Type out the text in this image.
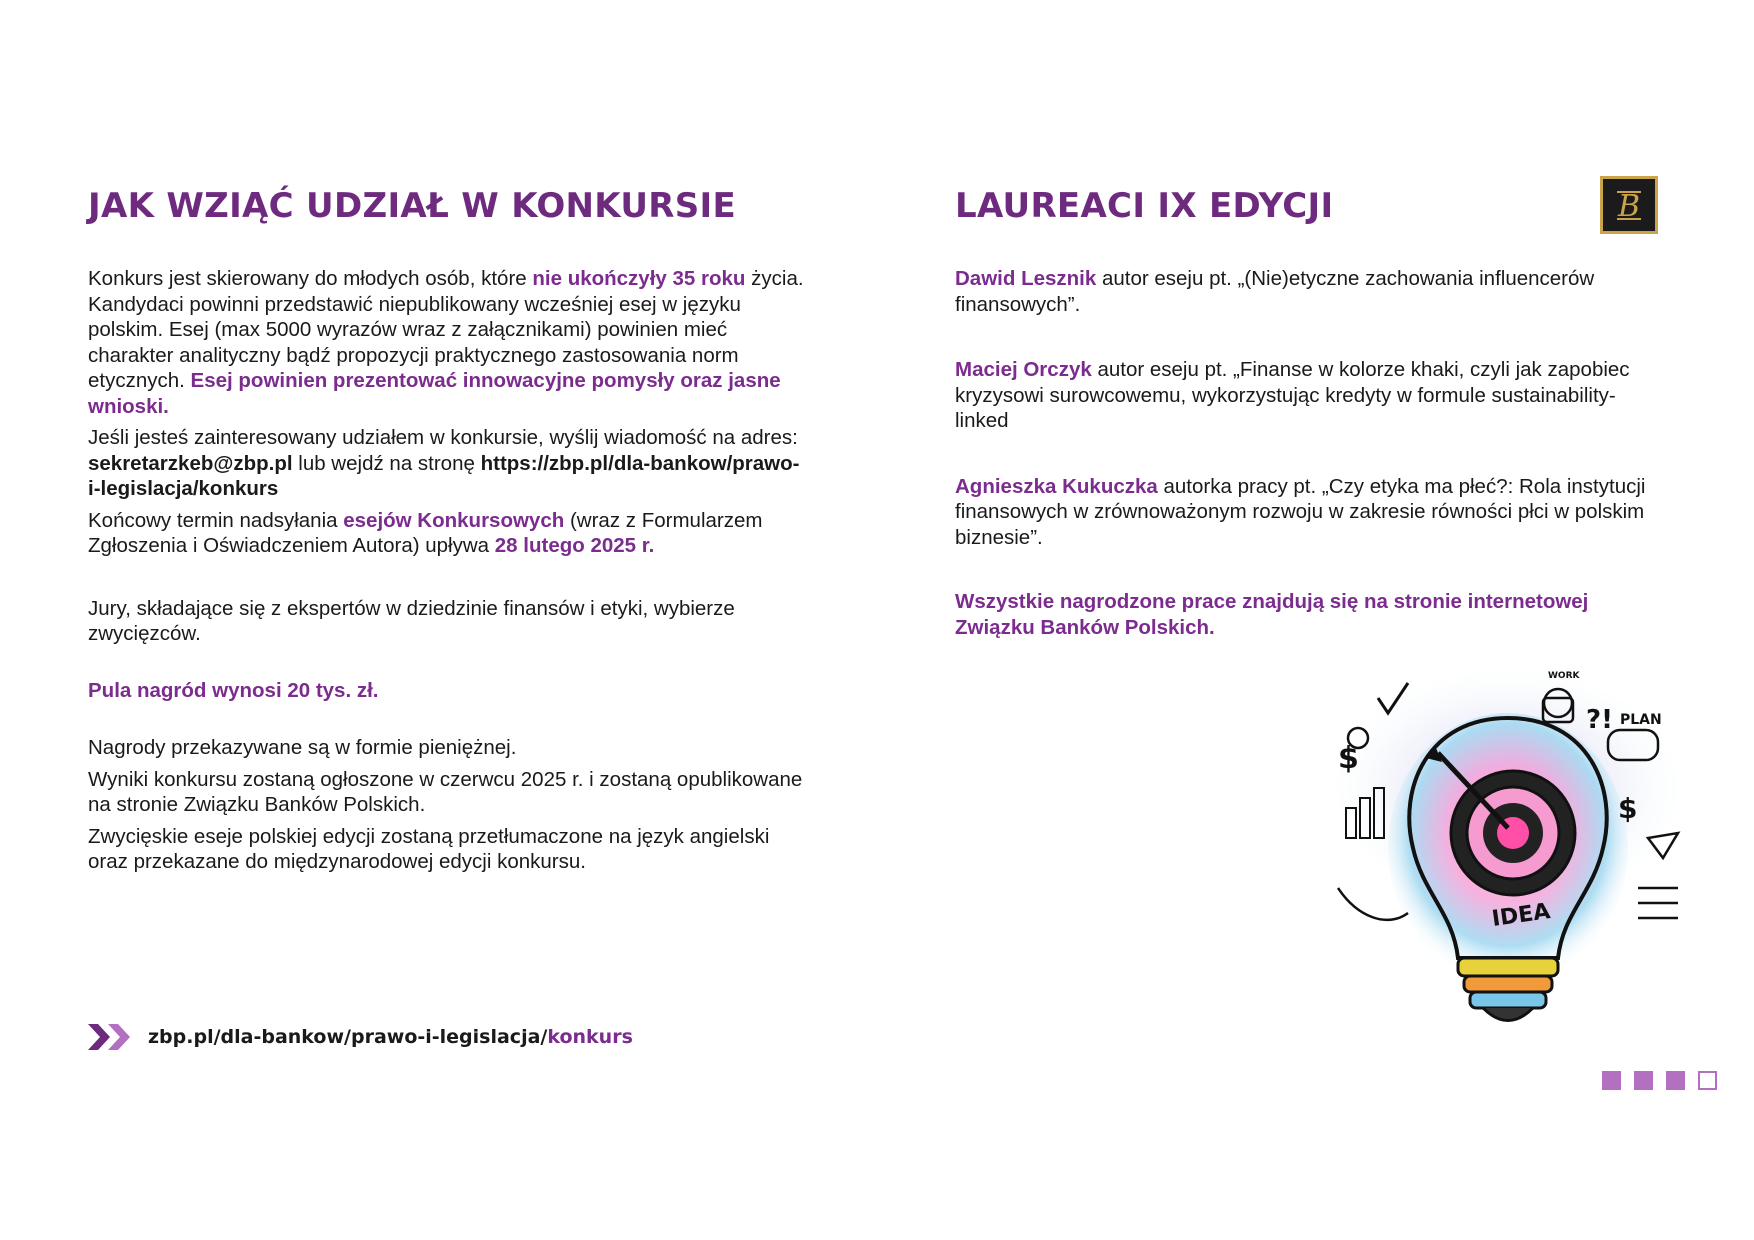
JAK WZIĄĆ UDZIAŁ W KONKURSIE

Konkurs jest skierowany do młodych osób, które nie ukończyły 35 roku życia. Kandydaci powinni przedstawić niepublikowany wcześniej esej w języku polskim. Esej (max 5000 wyrazów wraz z załącznikami) powinien mieć charakter analityczny bądź propozycji praktycznego zastosowania norm etycznych. Esej powinien prezentować innowacyjne pomysły oraz jasne wnioski.

Jeśli jesteś zainteresowany udziałem w konkursie, wyślij wiadomość na adres: sekretarzkeb@zbp.pl lub wejdź na stronę https://zbp.pl/dla-bankow/prawo-i-legislacja/konkurs

Końcowy termin nadsyłania esejów Konkursowych (wraz z Formularzem Zgłoszenia i Oświadczeniem Autora) upływa 28 lutego 2025 r.

Jury, składające się z ekspertów w dziedzinie finansów i etyki, wybierze zwycięzców.

Pula nagród wynosi 20 tys. zł.

Nagrody przekazywane są w formie pieniężnej.

Wyniki konkursu zostaną ogłoszone w czerwcu 2025 r. i zostaną opublikowane na stronie Związku Banków Polskich.

Zwycięskie eseje polskiej edycji zostaną przetłumaczone na język angielski oraz przekazane do międzynarodowej edycji konkursu.

LAUREACI IX EDYCJI

Dawid Lesznik autor eseju pt. „(Nie)etyczne zachowania influencerów finansowych”.

Maciej Orczyk autor eseju pt. „Finanse w kolorze khaki, czyli jak zapobiec kryzysowi surowcowemu, wykorzystując kredyty w formule sustainability-linked

Agnieszka Kukuczka autorka pracy pt. „Czy etyka ma płeć?: Rola instytucji finansowych w zrównoważonym rozwoju w zakresie równości płci w polskim biznesie”.

Wszystkie nagrodzone prace znajdują się na stronie internetowej Związku Banków Polskich.

B
IDEA
PLAN
WORK
$
$
?!
zbp.pl/dla-bankow/prawo-i-legislacja/konkurs
